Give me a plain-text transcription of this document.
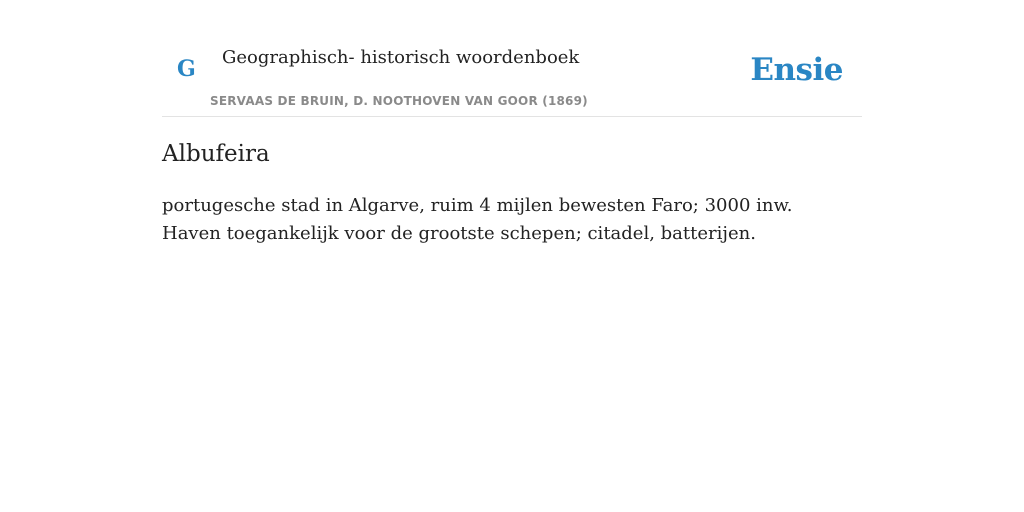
G Geographisch- historisch woordenboek
SERVAAS DE BRUIN, D. NOOTHOVEN VAN GOOR (1869)
Ensie
Albufeira

portugesche stad in Algarve, ruim 4 mijlen bewesten Faro; 3000 inw. Haven toegankelijk voor de grootste schepen; citadel, batterijen.
